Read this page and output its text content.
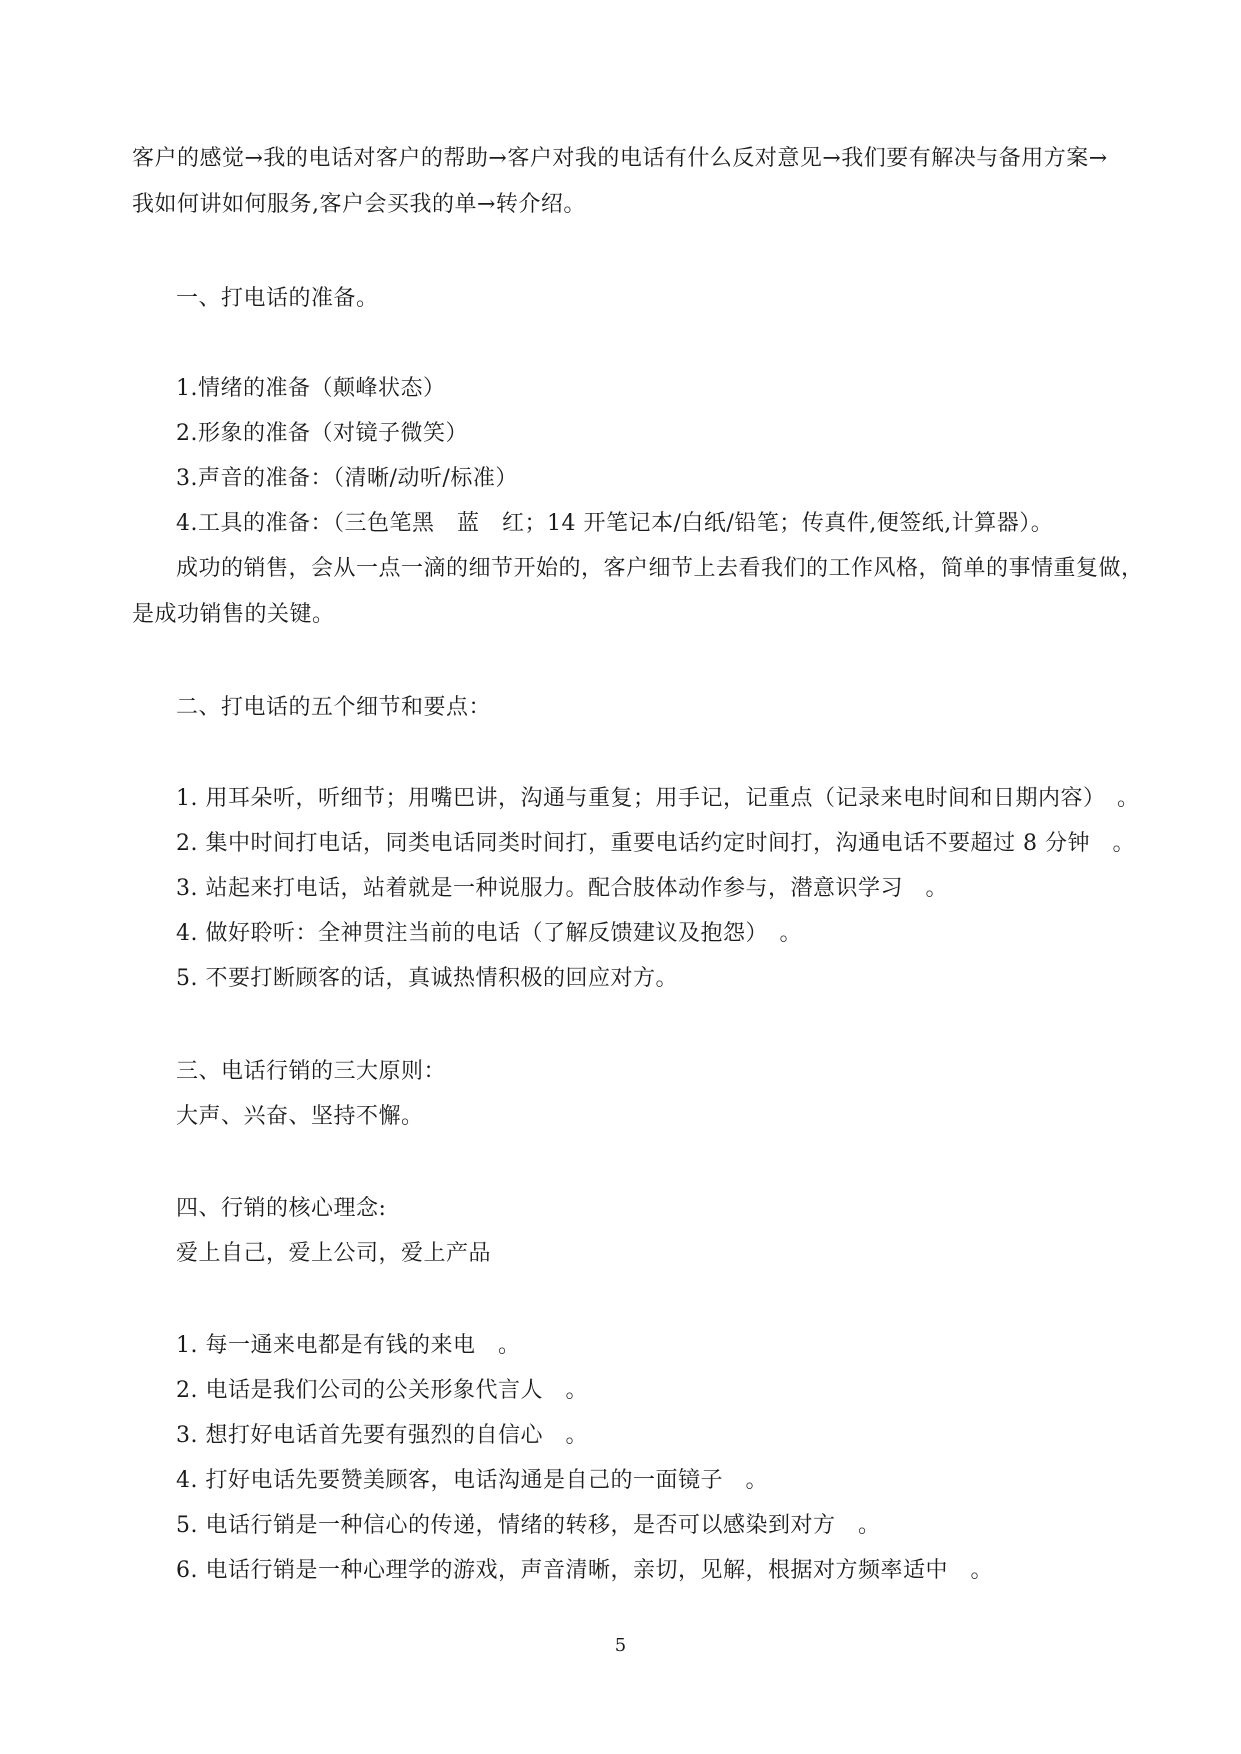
客户的感觉→我的电话对客户的帮助→客户对我的电话有什么反对意见→我们要有解决与备用方案→
我如何讲如何服务,客户会买我的单→转介绍。
一、打电话的准备。
1.情绪的准备（颠峰状态）
2.形象的准备（对镜子微笑）
3.声音的准备：（清晰/动听/标准）
4.工具的准备：（三色笔黑　蓝　红；14 开笔记本/白纸/铅笔；传真件,便签纸,计算器）。
成功的销售，会从一点一滴的细节开始的，客户细节上去看我们的工作风格，简单的事情重复做，
是成功销售的关键。
二、打电话的五个细节和要点：
1. 用耳朵听，听细节；用嘴巴讲，沟通与重复；用手记，记重点（记录来电时间和日期内容）　。
2. 集中时间打电话，同类电话同类时间打，重要电话约定时间打，沟通电话不要超过 8 分钟　。
3. 站起来打电话，站着就是一种说服力。配合肢体动作参与，潜意识学习　。
4. 做好聆听：全神贯注当前的电话（了解反馈建议及抱怨）　。
5. 不要打断顾客的话，真诚热情积极的回应对方。
三、电话行销的三大原则：
大声、兴奋、坚持不懈。
四、行销的核心理念:
爱上自己，爱上公司，爱上产品
1. 每一通来电都是有钱的来电　。
2. 电话是我们公司的公关形象代言人　。
3. 想打好电话首先要有强烈的自信心　。
4. 打好电话先要赞美顾客，电话沟通是自己的一面镜子　。
5. 电话行销是一种信心的传递，情绪的转移，是否可以感染到对方　。
6. 电话行销是一种心理学的游戏，声音清晰，亲切，见解，根据对方频率适中　。
5
